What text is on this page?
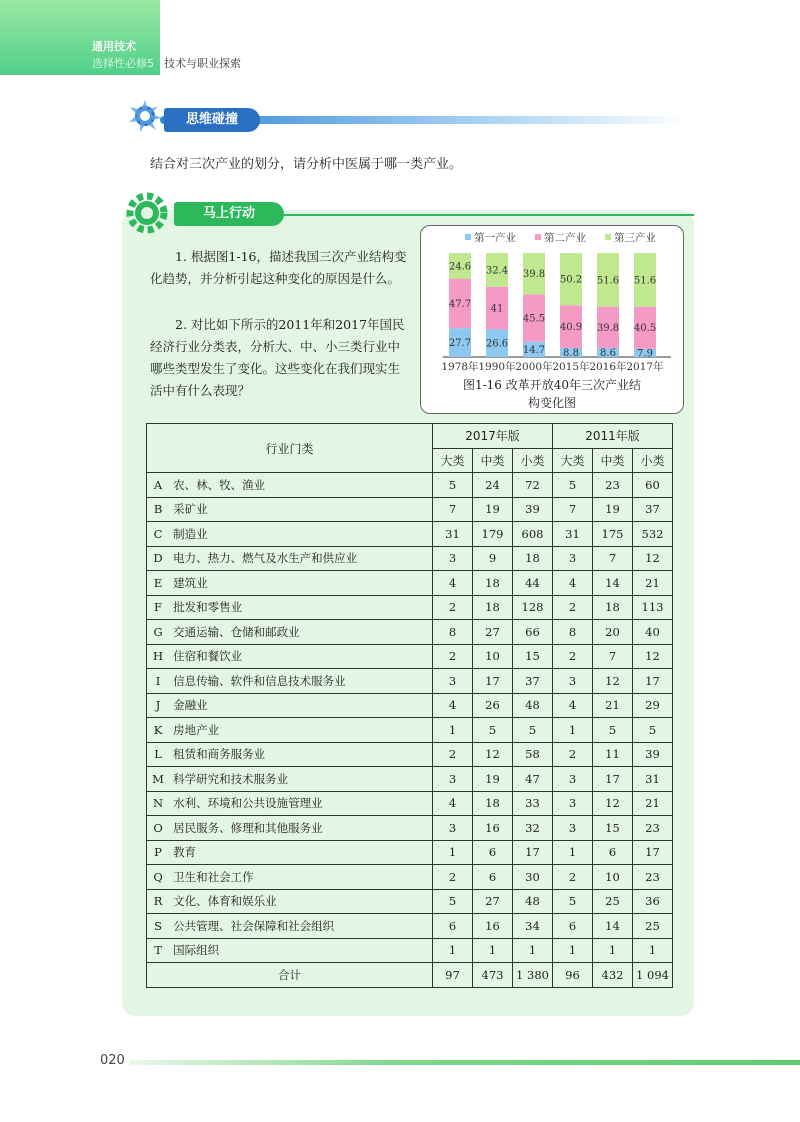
通用技术
选择性必修5 技术与职业探索
思维碰撞
结合对三次产业的划分，请分析中医属于哪一类产业。
马上行动

1. 根据图1-16，描述我国三次产业结构变化趋势，并分析引起这种变化的原因是什么。

2. 对比如下所示的2011年和2017年国民经济行业分类表，分析大、中、小三类行业中哪些类型发生了变化。这些变化在我们现实生活中有什么表现？

第一产业	第二产业	第三产业
27.7
47.7
24.6
1978年
26.6
41
32.4
1990年
14.7
45.5
39.8
2000年
8.8
40.9
50.2
2015年
8.6
39.8
51.6
2016年
7.9
40.5
51.6
2017年
图1-16 改革开放40年三次产业结
构变化图
行业门类		2017年版			2011年版		
		大类	中类	小类	大类	中类	小类
A	农、林、牧、渔业	5	24	72	5	23	60
B	采矿业	7	19	39	7	19	37
C	制造业	31	179	608	31	175	532
D	电力、热力、燃气及水生产和供应业	3	9	18	3	7	12
E	建筑业	4	18	44	4	14	21
F	批发和零售业	2	18	128	2	18	113
G	交通运输、仓储和邮政业	8	27	66	8	20	40
H	住宿和餐饮业	2	10	15	2	7	12
I	信息传输、软件和信息技术服务业	3	17	37	3	12	17
J	金融业	4	26	48	4	21	29
K	房地产业	1	5	5	1	5	5
L	租赁和商务服务业	2	12	58	2	11	39
M	科学研究和技术服务业	3	19	47	3	17	31
N	水利、环境和公共设施管理业	4	18	33	3	12	21
O	居民服务、修理和其他服务业	3	16	32	3	15	23
P	教育	1	6	17	1	6	17
Q	卫生和社会工作	2	6	30	2	10	23
R	文化、体育和娱乐业	5	27	48	5	25	36
S	公共管理、社会保障和社会组织	6	16	34	6	14	25
T	国际组织	1	1	1	1	1	1
合计		97	473	1 380	96	432	1 094
020
